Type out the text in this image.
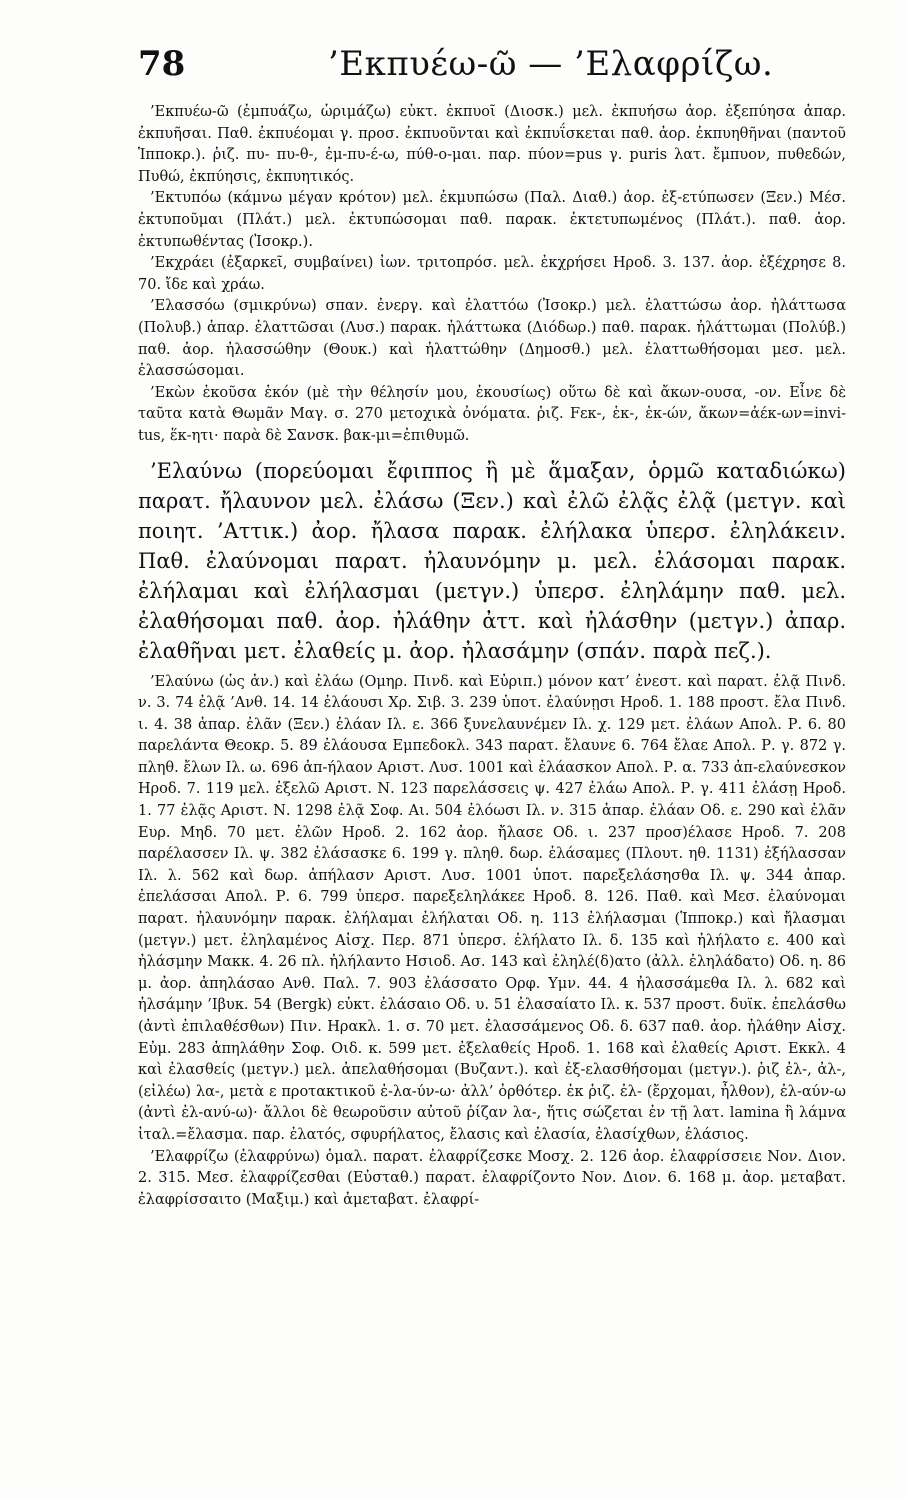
78	’Εκπυέω-ῶ — ’Ελαφρίζω.

’Εκπυέω-ῶ (ἐμπυάζω, ὡριμάζω) εὐκτ. ἐκπυοῖ (Διοσκ.) μελ. ἐκπυήσω ἀορ. ἐξεπύησα ἀπαρ. ἐκπυῆσαι. Παθ. ἐκπυέομαι γ. προσ. ἐκπυοῦνται καὶ ἐκπυΐσκεται παθ. ἀορ. ἐκπυηθῆναι (παντοῦ Ἱπποκρ.). ῥιζ. πυ- πυ-θ-, ἐμ-πυ-έ-ω, πύθ-ο-μαι. παρ. πύον=pus γ. puris λατ. ἔμπυον, πυθεδών, Πυθώ, ἐκπύησις, ἐκπυητικός.

’Εκτυπόω (κάμνω μέγαν κρότον) μελ. ἐκμυπώσω (Παλ. Διαθ.) ἀορ. ἐξ-ετύπωσεν (Ξεν.) Μέσ. ἐκτυποῦμαι (Πλάτ.) μελ. ἐκτυπώσομαι παθ. παρακ. ἐκτετυπωμένος (Πλάτ.). παθ. ἀορ. ἐκτυπωθέντας (Ἰσοκρ.).

’Εκχράει (ἐξαρκεῖ, συμβαίνει) ἰων. τριτοπρόσ. μελ. ἐκχρήσει Ηροδ. 3. 137. ἀορ. ἐξέχρησε 8. 70. ἴδε καὶ χράω.

’Ελασσόω (σμικρύνω) σπαν. ἐνεργ. καὶ ἐλαττόω (Ἰσοκρ.) μελ. ἐλαττώσω ἀορ. ἠλάττωσα (Πολυβ.) ἀπαρ. ἐλαττῶσαι (Λυσ.) παρακ. ἠλάττωκα (Διόδωρ.) παθ. παρακ. ἠλάττωμαι (Πολύβ.) παθ. ἀορ. ἠλασσώθην (Θουκ.) καὶ ἠλαττώθην (Δημοσθ.) μελ. ἐλαττωθήσομαι μεσ. μελ. ἐλασσώσομαι.

’Εκὼν ἑκοῦσα ἑκόν (μὲ τὴν θέλησίν μου, ἑκουσίως) οὕτω δὲ καὶ ἄκων-ουσα, -ον. Εἶνε δὲ ταῦτα κατὰ Θωμᾶν Μαγ. σ. 270 μετοχικὰ ὀνόματα. ῥιζ. Fεκ-, ἑκ-, ἑκ-ών, ἄκων=ἀέκ-ων=invi-tus, ἕκ-ητι· παρὰ δὲ Σανσκ. βακ-μι=ἐπιθυμῶ.

’Ελαύνω (πορεύομαι ἔφιππος ἢ μὲ ἅμαξαν, ὁρμῶ καταδιώκω) παρατ. ἤλαυνον μελ. ἐλάσω (Ξεν.) καὶ ἐλῶ ἐλᾷς ἐλᾷ (μετγν. καὶ ποιητ. ’Αττικ.) ἀορ. ἤλασα παρακ. ἐλήλακα ὑπερσ. ἐληλάκειν. Παθ. ἐλαύνομαι παρατ. ἠλαυνόμην μ. μελ. ἐλάσομαι παρακ. ἐλήλαμαι καὶ ἐλήλασμαι (μετγν.) ὑπερσ. ἐληλάμην παθ. μελ. ἐλαθήσομαι παθ. ἀορ. ἠλάθην ἀττ. καὶ ἠλάσθην (μετγν.) ἀπαρ. ἐλαθῆναι μετ. ἐλαθείς μ. ἀορ. ἠλασάμην (σπάν. παρὰ πεζ.).

’Ελαύνω (ὡς ἀν.) καὶ ἐλάω (Ομηρ. Πινδ. καὶ Εὐριπ.) μόνον κατ’ ἐνεστ. καὶ παρατ. ἐλᾷ Πινδ. ν. 3. 74 ἐλᾷ ’Ανθ. 14. 14 ἐλάουσι Χρ. Σιβ. 3. 239 ὑποτ. ἐλαύνῃσι Ηροδ. 1. 188 προστ. ἔλα Πινδ. ι. 4. 38 ἀπαρ. ἐλᾶν (Ξεν.) ἐλάαν Ιλ. ε. 366 ξυνελαυνέμεν Ιλ. χ. 129 μετ. ἐλάων Απολ. Ρ. 6. 80 παρελάντα Θεοκρ. 5. 89 ἐλάουσα Εμπεδοκλ. 343 παρατ. ἔλαυνε 6. 764 ἔλαε Απολ. Ρ. γ. 872 γ. πληθ. ἔλων Ιλ. ω. 696 ἀπ-ήλαον Αριστ. Λυσ. 1001 καὶ ἐλάασκον Απολ. Ρ. α. 733 ἀπ-ελαύνεσκον Ηροδ. 7. 119 μελ. ἐξελῶ Αριστ. Ν. 123 παρελάσσεις ψ. 427 ἐλάω Απολ. Ρ. γ. 411 ἐλάσῃ Ηροδ. 1. 77 ἐλᾷς Αριστ. Ν. 1298 ἐλᾷ Σοφ. Αι. 504 ἐλόωσι Ιλ. ν. 315 ἀπαρ. ἐλάαν Οδ. ε. 290 καὶ ἐλᾶν Ευρ. Μηδ. 70 μετ. ἐλῶν Ηροδ. 2. 162 ἀορ. ἤλασε Οδ. ι. 237 προσ)έλασε Ηροδ. 7. 208 παρέλασσεν Ιλ. ψ. 382 ἐλάσασκε 6. 199 γ. πληθ. δωρ. ἐλάσαμες (Πλουτ. ηθ. 1131) ἐξήλασσαν Ιλ. λ. 562 καὶ δωρ. ἀπήλασν Αριστ. Λυσ. 1001 ὑποτ. παρεξελάσησθα Ιλ. ψ. 344 ἀπαρ. ἐπελάσσαι Απολ. Ρ. 6. 799 ὑπερσ. παρεξεληλάκεε Ηροδ. 8. 126. Παθ. καὶ Μεσ. ἐλαύνομαι παρατ. ἠλαυνόμην παρακ. ἐλήλαμαι ἐλήλαται Οδ. η. 113 ἐλήλασμαι (Ἱπποκρ.) καὶ ἤλασμαι (μετγν.) μετ. ἐληλαμένος Αἰσχ. Περ. 871 ὑπερσ. ἐλήλατο Ιλ. δ. 135 καὶ ἠλήλατο ε. 400 καὶ ἠλάσμην Μακκ. 4. 26 πλ. ἠλήλαντο Ησιοδ. Ασ. 143 καὶ ἐληλέ(δ)ατο (ἀλλ. ἐληλάδατο) Οδ. η. 86 μ. ἀορ. ἀπηλάσαο Ανθ. Παλ. 7. 903 ἐλάσσατο Ορφ. Υμν. 44. 4 ἠλασσάμεθα Ιλ. λ. 682 καὶ ἠλσάμην ’Ιβυκ. 54 (Bergk) εὐκτ. ἐλάσαιο Οδ. υ. 51 ἐλασαίατο Ιλ. κ. 537 προστ. δυϊκ. ἐπελάσθω (ἀντὶ ἐπιλαθέσθων) Πιν. Ηρακλ. 1. σ. 70 μετ. ἐλασσάμενος Οδ. δ. 637 παθ. ἀορ. ἠλάθην Αἰσχ. Εὐμ. 283 ἀπηλάθην Σοφ. Οιδ. κ. 599 μετ. ἐξελαθείς Ηροδ. 1. 168 καὶ ἐλαθείς Αριστ. Εκκλ. 4 καὶ ἐλασθείς (μετγν.) μελ. ἀπελαθήσομαι (Βυζαντ.). καὶ ἐξ-ελασθήσομαι (μετγν.). ῥιζ ἐλ-, ἀλ-, (εἰλέω) λα-, μετὰ ε προτακτικοῦ ἐ-λα-ύν-ω· ἀλλ’ ὀρθότερ. ἐκ ῥιζ. ἐλ- (ἔρχομαι, ἦλθον), ἐλ-αύν-ω (ἀντὶ ἐλ-ανύ-ω)· ἄλλοι δὲ θεωροῦσιν αὐτοῦ ῥίζαν λα-, ἥτις σώζεται ἐν τῇ λατ. lamina ἢ λάμνα ἰταλ.=ἔλασμα. παρ. ἐλατός, σφυρήλατος, ἔλασις καὶ ἐλασία, ἐλασίχθων, ἐλάσιος.

’Ελαφρίζω (ἐλαφρύνω) ὁμαλ. παρατ. ἐλαφρίζεσκε Μοσχ. 2. 126 ἀορ. ἐλαφρίσσειε Νον. Διον. 2. 315. Μεσ. ἐλαφρίζεσθαι (Εὐσταθ.) παρατ. ἐλαφρίζοντο Νον. Διον. 6. 168 μ. ἀορ. μεταβατ. ἐλαφρίσσαιτο (Μαξιμ.) καὶ ἀμεταβατ. ἐλαφρί-
